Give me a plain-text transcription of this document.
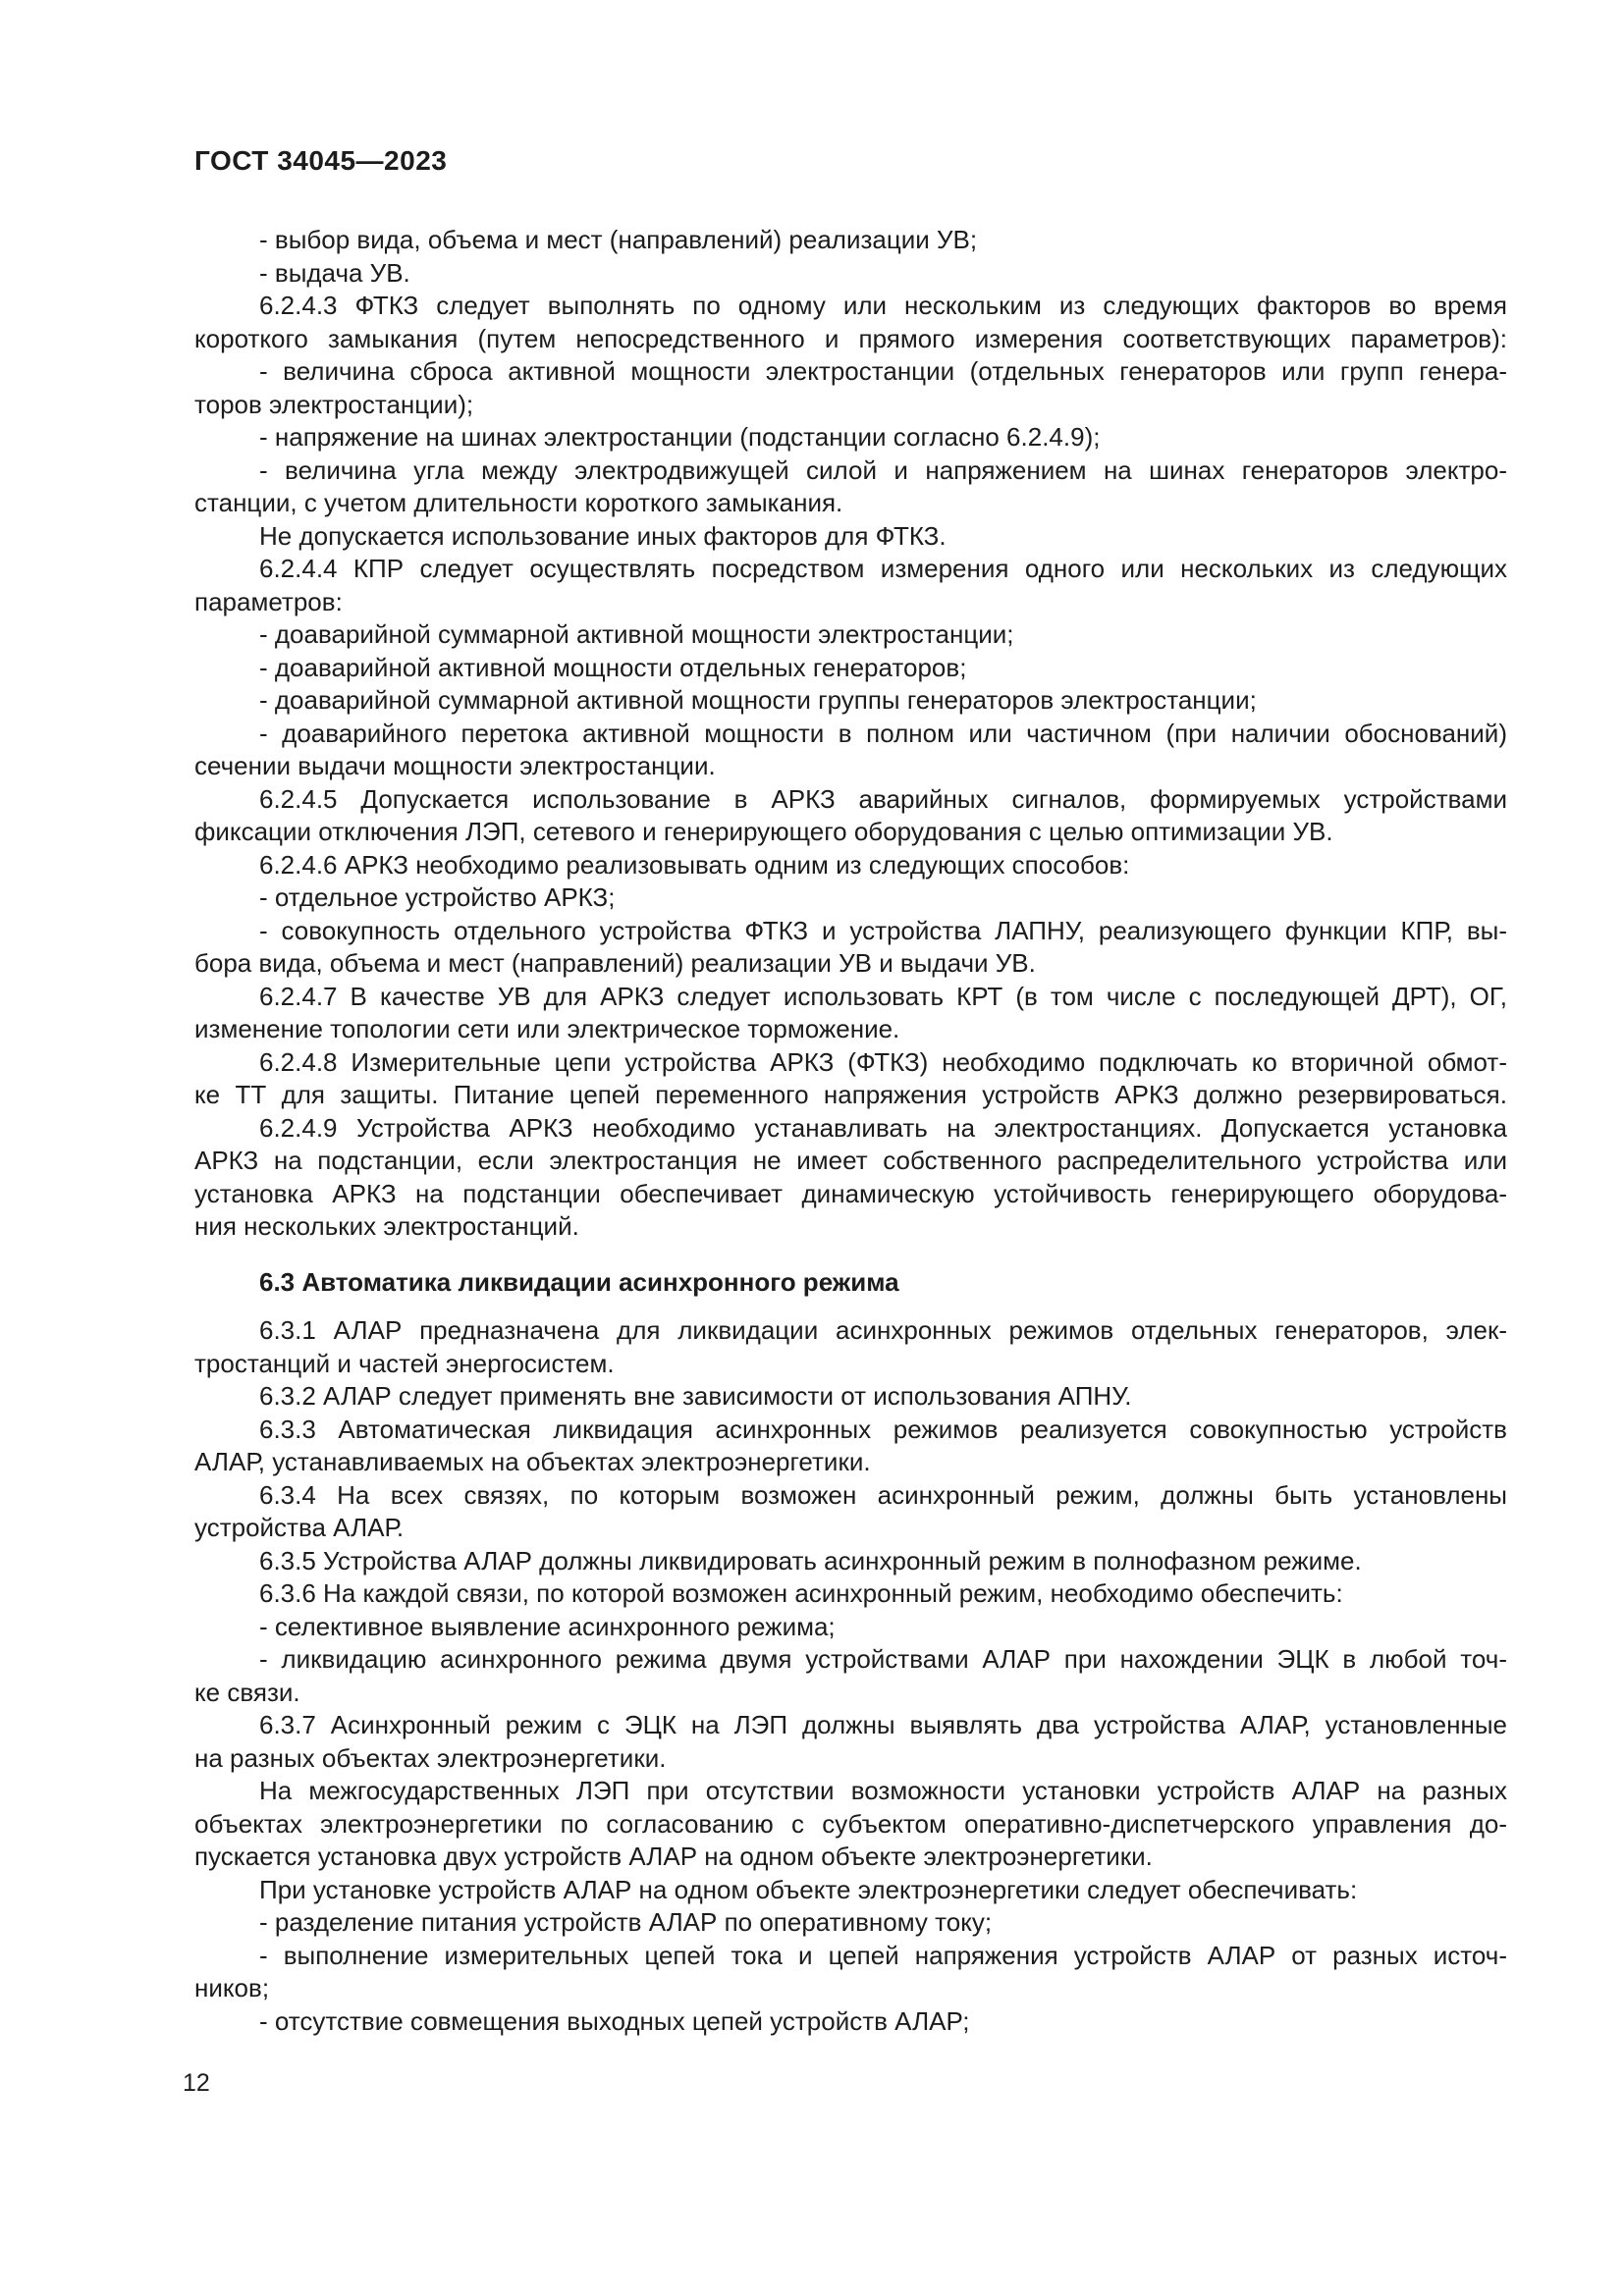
ГОСТ 34045—2023
- выбор вида, объема и мест (направлений) реализации УВ;
- выдача УВ.
6.2.4.3 ФТКЗ следует выполнять по одному или нескольким из следующих факторов во время
короткого замыкания (путем непосредственного и прямого измерения соответствующих параметров):
- величина сброса активной мощности электростанции (отдельных генераторов или групп генера-
торов электростанции);
- напряжение на шинах электростанции (подстанции согласно 6.2.4.9);
- величина угла между электродвижущей силой и напряжением на шинах генераторов электро-
станции, с учетом длительности короткого замыкания.
Не допускается использование иных факторов для ФТКЗ.
6.2.4.4 КПР следует осуществлять посредством измерения одного или нескольких из следующих
параметров:
- доаварийной суммарной активной мощности электростанции;
- доаварийной активной мощности отдельных генераторов;
- доаварийной суммарной активной мощности группы генераторов электростанции;
- доаварийного перетока активной мощности в полном или частичном (при наличии обоснований)
сечении выдачи мощности электростанции.
6.2.4.5 Допускается использование в АРКЗ аварийных сигналов, формируемых устройствами
фиксации отключения ЛЭП, сетевого и генерирующего оборудования с целью оптимизации УВ.
6.2.4.6 АРКЗ необходимо реализовывать одним из следующих способов:
- отдельное устройство АРКЗ;
- совокупность отдельного устройства ФТКЗ и устройства ЛАПНУ, реализующего функции КПР, вы-
бора вида, объема и мест (направлений) реализации УВ и выдачи УВ.
6.2.4.7 В качестве УВ для АРКЗ следует использовать КРТ (в том числе с последующей ДРТ), ОГ,
изменение топологии сети или электрическое торможение.
6.2.4.8 Измерительные цепи устройства АРКЗ (ФТКЗ) необходимо подключать ко вторичной обмот-
ке ТТ для защиты. Питание цепей переменного напряжения устройств АРКЗ должно резервироваться.
6.2.4.9 Устройства АРКЗ необходимо устанавливать на электростанциях. Допускается установка
АРКЗ на подстанции, если электростанция не имеет собственного распределительного устройства или
установка АРКЗ на подстанции обеспечивает динамическую устойчивость генерирующего оборудова-
ния нескольких электростанций.
6.3 Автоматика ликвидации асинхронного режима
6.3.1 АЛАР предназначена для ликвидации асинхронных режимов отдельных генераторов, элек-
тростанций и частей энергосистем.
6.3.2 АЛАР следует применять вне зависимости от использования АПНУ.
6.3.3 Автоматическая ликвидация асинхронных режимов реализуется совокупностью устройств
АЛАР, устанавливаемых на объектах электроэнергетики.
6.3.4 На всех связях, по которым возможен асинхронный режим, должны быть установлены
устройства АЛАР.
6.3.5 Устройства АЛАР должны ликвидировать асинхронный режим в полнофазном режиме.
6.3.6 На каждой связи, по которой возможен асинхронный режим, необходимо обеспечить:
- селективное выявление асинхронного режима;
- ликвидацию асинхронного режима двумя устройствами АЛАР при нахождении ЭЦК в любой точ-
ке связи.
6.3.7 Асинхронный режим с ЭЦК на ЛЭП должны выявлять два устройства АЛАР, установленные
на разных объектах электроэнергетики.
На межгосударственных ЛЭП при отсутствии возможности установки устройств АЛАР на разных
объектах электроэнергетики по согласованию с субъектом оперативно-диспетчерского управления до-
пускается установка двух устройств АЛАР на одном объекте электроэнергетики.
При установке устройств АЛАР на одном объекте электроэнергетики следует обеспечивать:
- разделение питания устройств АЛАР по оперативному току;
- выполнение измерительных цепей тока и цепей напряжения устройств АЛАР от разных источ-
ников;
- отсутствие совмещения выходных цепей устройств АЛАР;
12
